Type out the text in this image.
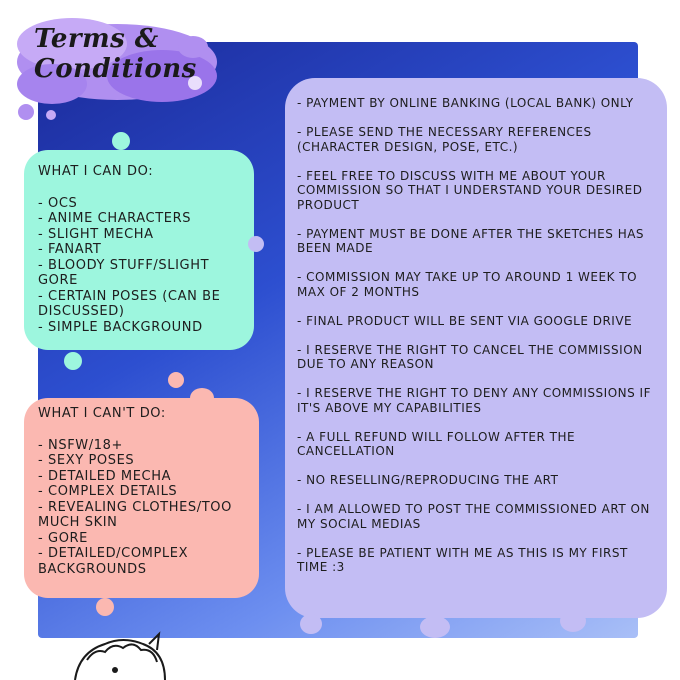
Terms &
Conditions
WHAT I CAN DO:
- OCS
- ANIME CHARACTERS
- SLIGHT MECHA
- FANART
- BLOODY STUFF/SLIGHT GORE
- CERTAIN POSES (CAN BE DISCUSSED)
- SIMPLE BACKGROUND
WHAT I CAN'T DO:
- NSFW/18+
- SEXY POSES
- DETAILED MECHA
- COMPLEX DETAILS
- REVEALING CLOTHES/TOO MUCH SKIN
- GORE
- DETAILED/COMPLEX BACKGROUNDS
- PAYMENT BY ONLINE BANKING (LOCAL BANK) ONLY
- PLEASE SEND THE NECESSARY REFERENCES (CHARACTER DESIGN, POSE, ETC.)
- FEEL FREE TO DISCUSS WITH ME ABOUT YOUR COMMISSION SO THAT I UNDERSTAND YOUR DESIRED PRODUCT
- PAYMENT MUST BE DONE AFTER THE SKETCHES HAS BEEN MADE
- COMMISSION MAY TAKE UP TO AROUND 1 WEEK TO MAX OF 2 MONTHS
- FINAL PRODUCT WILL BE SENT VIA GOOGLE DRIVE
- I RESERVE THE RIGHT TO CANCEL THE COMMISSION DUE TO ANY REASON
- I RESERVE THE RIGHT TO DENY ANY COMMISSIONS IF IT'S ABOVE MY CAPABILITIES
- A FULL REFUND WILL FOLLOW AFTER THE CANCELLATION
- NO RESELLING/REPRODUCING THE ART
- I AM ALLOWED TO POST THE COMMISSIONED ART ON MY SOCIAL MEDIAS
- PLEASE BE PATIENT WITH ME AS THIS IS MY FIRST TIME :3
